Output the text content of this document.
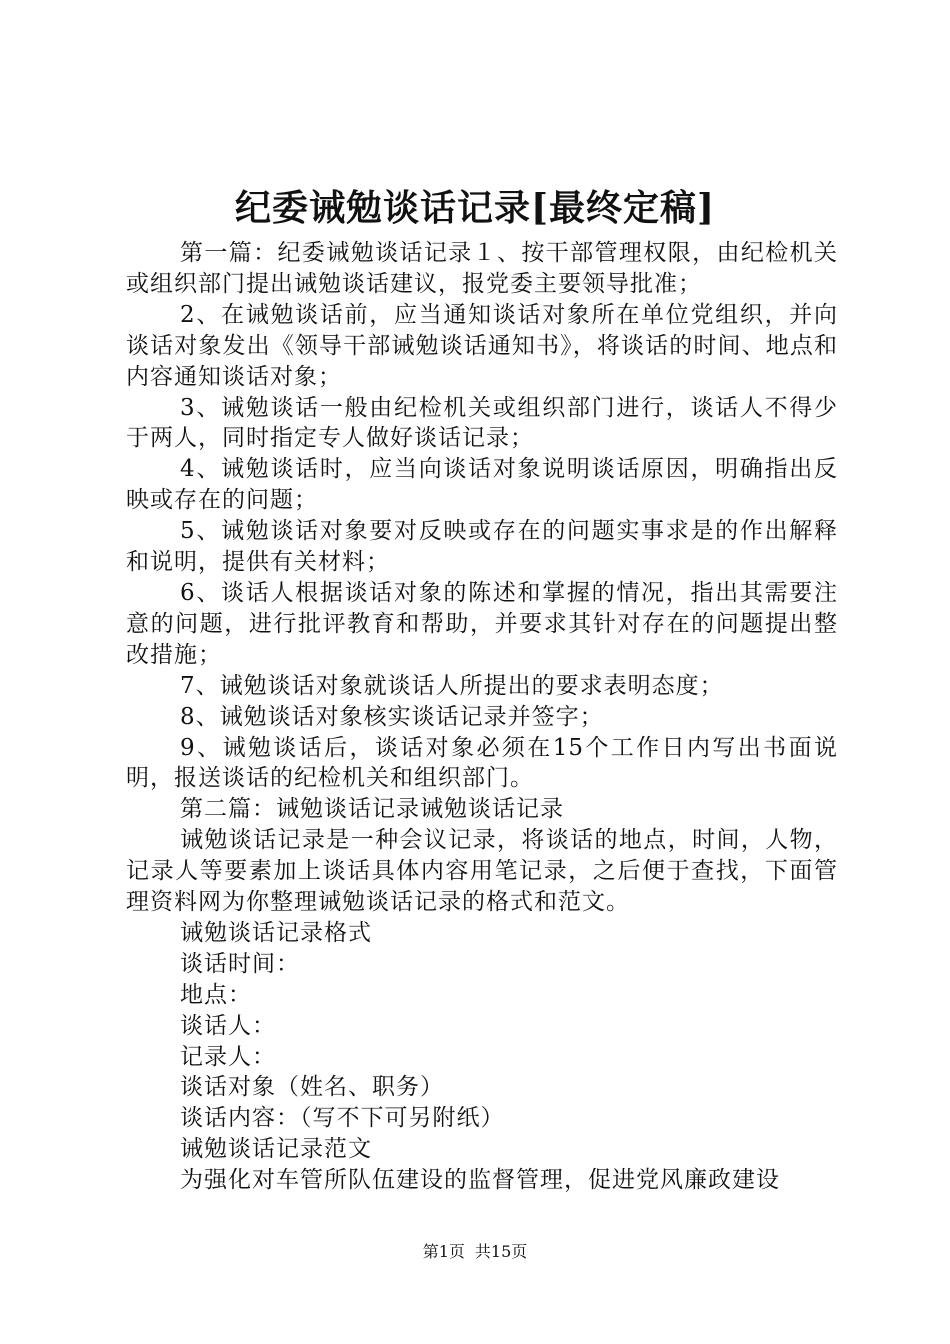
纪委诫勉谈话记录[最终定稿]

第一篇：纪委诫勉谈话记录１、按干部管理权限，由纪检机关或组织部门提出诫勉谈话建议，报党委主要领导批准；

2、在诫勉谈话前，应当通知谈话对象所在单位党组织，并向谈话对象发出《领导干部诫勉谈话通知书》，将谈话的时间、地点和内容通知谈话对象；

3、诫勉谈话一般由纪检机关或组织部门进行，谈话人不得少于两人，同时指定专人做好谈话记录；

4、诫勉谈话时，应当向谈话对象说明谈话原因，明确指出反映或存在的问题；

5、诫勉谈话对象要对反映或存在的问题实事求是的作出解释和说明，提供有关材料；

6、谈话人根据谈话对象的陈述和掌握的情况，指出其需要注意的问题，进行批评教育和帮助，并要求其针对存在的问题提出整改措施；

7、诫勉谈话对象就谈话人所提出的要求表明态度；

8、诫勉谈话对象核实谈话记录并签字；

9、诫勉谈话后，谈话对象必须在15个工作日内写出书面说明，报送谈话的纪检机关和组织部门。

第二篇：诫勉谈话记录诫勉谈话记录

诫勉谈话记录是一种会议记录，将谈话的地点，时间，人物，记录人等要素加上谈话具体内容用笔记录，之后便于查找，下面管理资料网为你整理诫勉谈话记录的格式和范文。

诫勉谈话记录格式

谈话时间：

地点：

谈话人：

记录人：

谈话对象（姓名、职务）

谈话内容：（写不下可另附纸）

诫勉谈话记录范文

为强化对车管所队伍建设的监督管理，促进党风廉政建设

第1页 共15页
